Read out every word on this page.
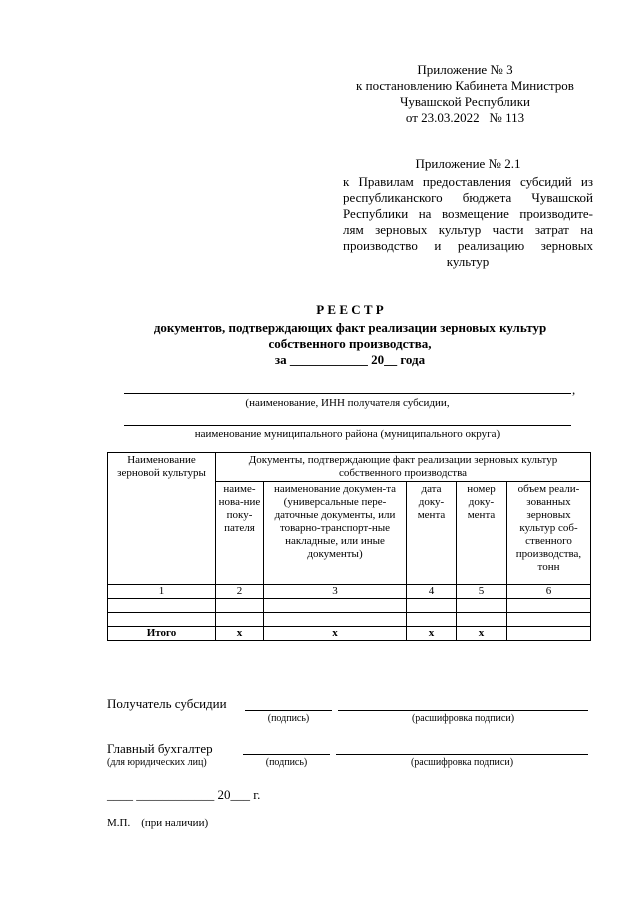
Приложение № 3
к постановлению Кабинета Министров
Чувашской Республики
от 23.03.2022   № 113
Приложение № 2.1

к Правилам предоставления субсидий из

республиканского бюджета Чувашской

Республики на возмещение производите-

лям зерновых культур части затрат на

производство и реализацию зерновых

культур

Р Е Е С Т Р
документов, подтверждающих факт реализации зерновых культур
собственного производства,
за ____________ 20__ года
,
(наименование, ИНН получателя субсидии,
наименование муниципального района (муниципального округа)
Наименование зерновой культуры	Документы, подтверждающие факт реализации зерновых культур собственного производства				
	наиме-нова-ние поку-пателя	наименование докумен-та (универсальные пере-даточные документы, или товарно-транспорт-ные накладные, или иные документы)	дата доку-мента	номер доку-мента	объем реали-зованных зерновых культур соб-ственного производства, тонн
1	2	3	4	5	6

Итого	х	х	х	х	
Получатель субсидии
(подпись)	(расшифровка подписи)
Главный бухгалтер
(для юридических лиц)	(подпись)	(расшифровка подписи)
____ ____________ 20___ г.
М.П.    (при наличии)
